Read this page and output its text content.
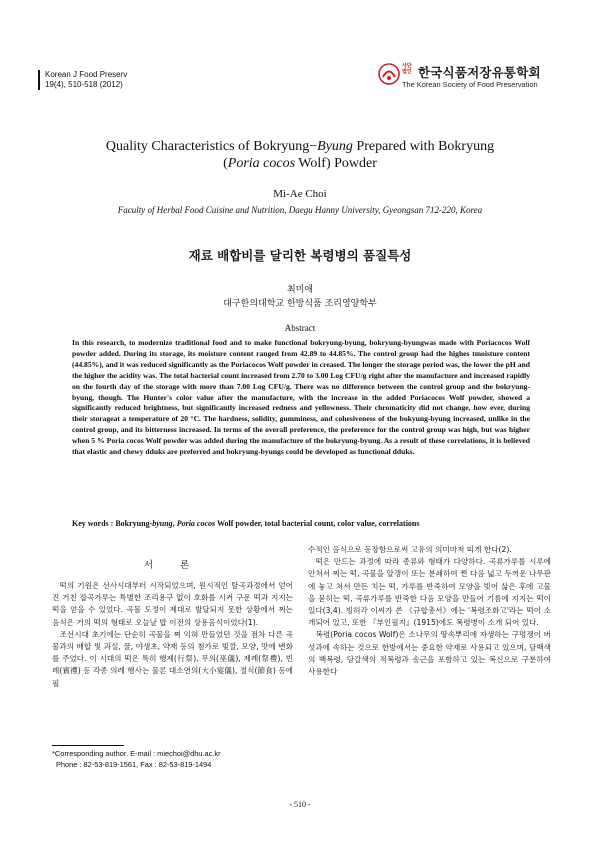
Korean J Food Preserv
19(4), 510-518 (2012)
사단법인 한국식품저장유통학회
The Korean Society of Food Preservation
Quality Characteristics of Bokryung−Byung Prepared with Bokryung
(Poria cocos Wolf) Powder
Mi-Ae Choi
Faculty of Herbal Food Cuisine and Nutrition, Daegu Hanny University, Gyeongsan 712-220, Korea
재료 배합비를 달리한 복령병의 품질특성
최미애
대구한의대학교 한방식품 조리영양학부
Abstract
In this research, to modernize traditional food and to make functional bokryung-byung, bokryung-byungwas made with Poriacocos Wolf powder added. During its storage, its moisture content ranged from 42.89 to 44.85%. The control group had the highes tmoisture content (44.85%), and it was reduced significantly as the Poriacocos Wolf powder in creased. The longer the storage period was, the lower the pH and the higher the acidity was. The total bacterial count increased from 2.70 to 3.00 Log CFU/g right after the manufacture and increased rapidly on the fourth day of the storage with more than 7.00 Log CFU/g. There was no difference between the control group and the bokryung-byung, though. The Hunter's color value after the manufacture, with the increase in the added Poriacocos Wolf powder, showed a significantly reduced brightness, but significantly increased redness and yellowness. Their chromaticity did not change, how ever, during their storageat a temperature of 20 °C. The hardness, solidity, gumminess, and cohesiveness of the bokyung-byung increased, unlike in the control group, and its bitterness increased. In terms of the overall preference, the preference for the control group was high, but was higher when 5 % Poria cocos Wolf powder was added during the manufacture of the bokryung-byung. As a result of these correlations, it is believed that elastic and chewy dduks are preferred and bokryung-byungs could be developed as functional dduks.
Key words : Bokryung-byung, Poria cocos Wolf powder, total bacterial count, color value, correlations
서 론

떡의 기원은 선사시대부터 시작되었으며, 원시적인 탈곡과정에서 얻어진 거친 잡곡가루는 특별한 조리용구 없이 호화를 시켜 구운 떡과 지지는 떡을 얻을 수 있었다. 곡물 도정이 제대로 발달되지 못한 상황에서 찌는 음식은 거의 떡의 형태로 오늘날 밥 이전의 상용음식이었다(1).

조선시대 초기에는 단순히 곡물을 쪄 익혀 만들었던 것을 점차 다른 곡물과의 배합 및 과실, 꿀, 야생초, 약재 등의 첨가로 빛깔, 모양, 맛에 변화를 주었다. 이 시대의 떡은 특히 행제(行祭), 무의(巫儀), 제례(祭禮), 빈례(賓禮) 등 각종 의례 행사는 물론 대소연의(大小宴儀), 절식(節食) 등에 필

수적인 음식으로 등장함으로써 고유의 의미마저 띠게 한다(2).

떡은 만드는 과정에 따라 종류와 형태가 다양하다. 곡류가루를 시루에 안쳐서 찌는 떡, 곡물을 알갱이 또는 분쇄하여 쪈 다음 넓고 두꺼운 나무판에 놓고 쳐서 만든 치는 떡, 가루를 반죽하여 모양을 빚어 삶은 후에 고물을 묻히는 떡, 곡류가루를 반죽한 다음 모양을 만들어 기름에 지지는 떡이 있다(3,4). 빙허각 이씨가 쓴 《규합총서》에는 '복령조화고'라는 떡이 소개되어 있고, 또한 『부인필지』(1915)에도 복령병이 소개 되어 있다.

복령(Poria cocos Wolf)은 소나무의 땅속뿌리에 자생하는 구멍쟁이 버섯과에 속하는 것으로 한방에서는 중요한 약재로 사용되고 있으며, 담백색의 백복령, 담갈색의 적복령과 송근을 포함하고 있는 복신으로 구분하여 사용한다

*Corresponding author. E-mail : miechoi@dhu.ac.kr
Phone : 82-53-819-1561, Fax : 82-53-819-1494
- 510 -
